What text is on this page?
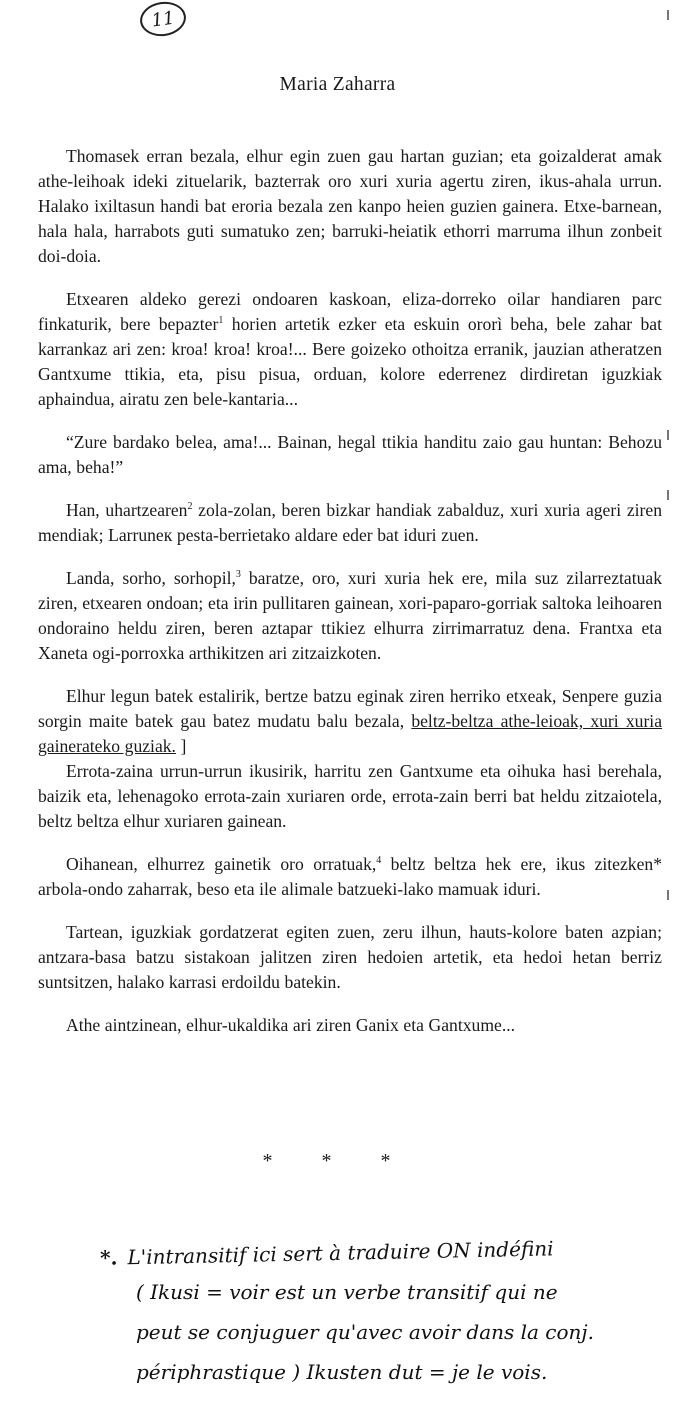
11
Maria Zaharra

Thomasek erran bezala, elhur egin zuen gau hartan guzian; eta goizalderat amak athe-leihoak ideki zituelarik, bazterrak oro xuri xuria agertu ziren, ikus-ahala urrun. Halako ixiltasun handi bat eroria bezala zen kanpo heien guzien gainera. Etxe-barnean, hala hala, harrabots guti sumatuko zen; barruki-heiatik ethorri marruma ilhun zonbeit doi-doia.

Etxearen aldeko gerezi ondoaren kaskoan, eliza-dorreko oilar handiaren parc finkaturik, bere bepazter$^1$ horien artetik ezker eta eskuin ororì beha, bele zahar bat karrankaz ari zen: kroa! kroa! kroa!... Bere goizeko othoitza erranik, jauzian atheratzen Gantxume ttikia, eta, pisu pisua, orduan, kolore ederrenez dirdiretan iguzkiak aphaindua, airatu zen bele-kantaria...

“Zure bardako belea, ama!... Bainan, hegal ttikia handitu zaio gau huntan: Behozu ama, beha!”

Han, uhartzearen$^2$ zola-zolan, beren bizkar handiak zabalduz, xuri xuria ageri ziren mendiak; Larruneк pesta-berrietako aldare eder bat iduri zuen.

Landa, sorho, sorhopil,$^3$ baratze, oro, xuri xuria hek ere, mila suz zilarreztatuak ziren, etxearen ondoan; eta irin pullitaren gainean, xori-paparo-gorriak saltoka leihoaren ondoraino heldu ziren, beren aztapar ttikiez elhurra zirrimarratuz dena. Frantxa eta Xaneta ogi-porroxka arthikitzen ari zitzaizkoten.

Elhur legun batek estalirik, bertze batzu eginak ziren herriko etxeak, Senpere guzia sorgin maite batek gau batez mudatu balu bezala, beltz-beltza athe-leioak, xuri xuria gainerateko guziak. ]

Errota-zaina urrun-urrun ikusirik, harritu zen Gantxume eta oihuka hasi berehala, baizik eta, lehenagoko errota-zain xuriaren orde, errota-zain berri bat heldu zitzaiotela, beltz beltza elhur xuriaren gainean.

Oihanean, elhurrez gainetik oro orratuak,$^4$ beltz beltza hek ere, ikus zitezken* arbola-ondo zaharrak, beso eta ile alimale batzueki-lako mamuak iduri.

Tartean, iguzkiak gordatzerat egiten zuen, zeru ilhun, hauts-kolore baten azpian; antzara-basa batzu sistakoan jalitzen ziren hedoien artetik, eta hedoi hetan berriz suntsitzen, halako karrasi erdoildu batekin.

Athe aintzinean, elhur-ukaldika ari ziren Ganix eta Gantxume...

* * *

*. L'intransitif ici sert à traduire ON indéfini

( Ikusi = voir est un verbe transitif qui ne

peut se conjuguer qu'avec avoir dans la conj.

périphrastique ) Ikusten dut = je le vois.
